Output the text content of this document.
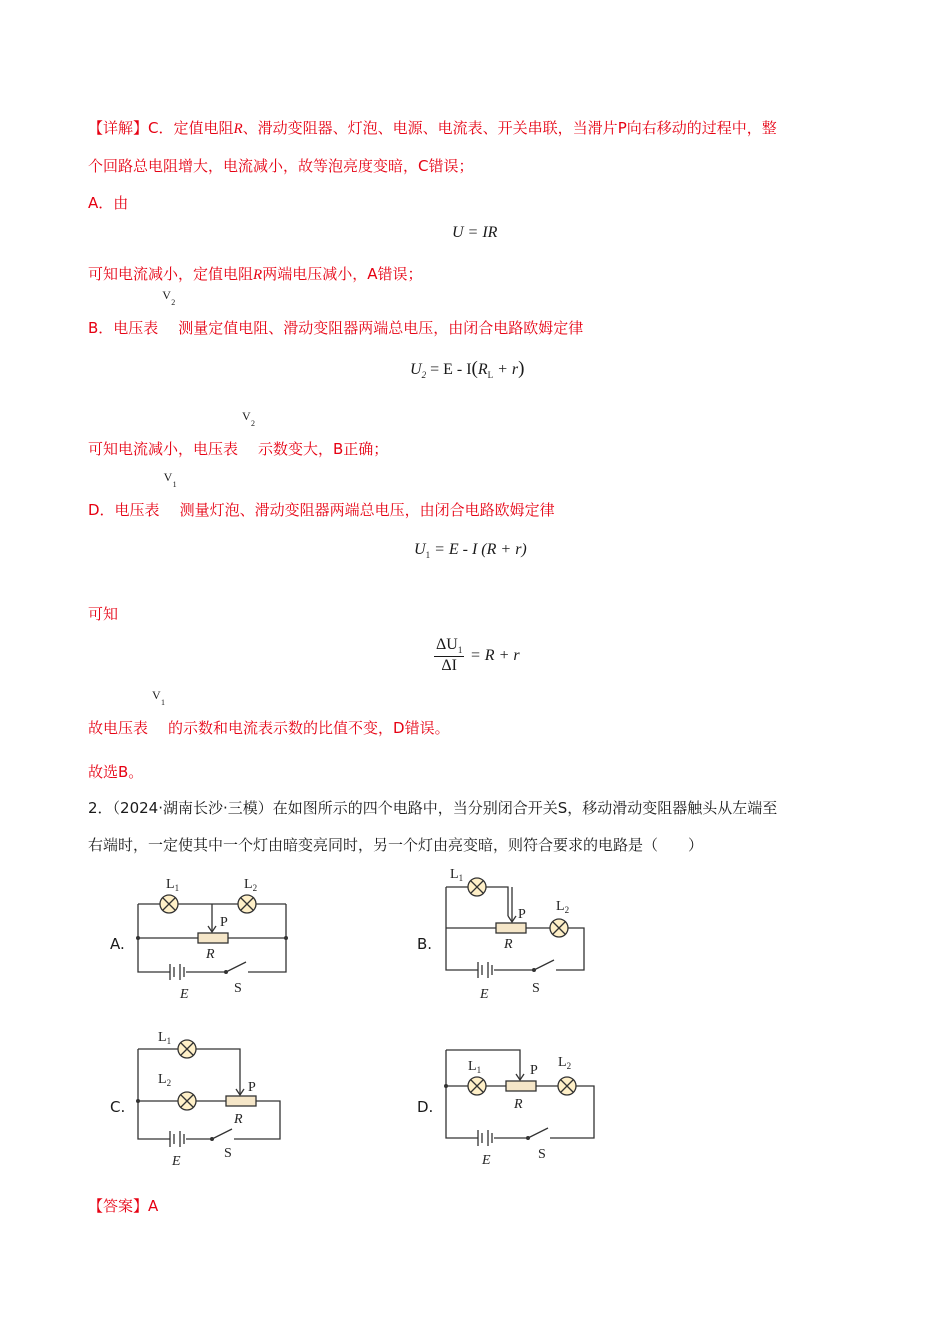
【详解】C．定值电阻R、滑动变阻器、灯泡、电源、电流表、开关串联，当滑片P向右移动的过程中，整
个回路总电阻增大，电流减小，故等泡亮度变暗，C错误；
A．由
U = IR
可知电流减小，定值电阻R两端电压减小，A错误；
B．电压表
V
2
测量定值电阻、滑动变阻器两端总电压，由闭合电路欧姆定律
$U_2 = E - I(R_L + r)$
可知电流减小，电压表
V
2
示数变大，B正确；
D．电压表
V
1
测量灯泡、滑动变阻器两端总电压，由闭合电路欧姆定律
$U_1 = E - I$ (R + r)
可知
$\frac{\Delta U_1}{\Delta I} = R + r$
故电压表
V
1
的示数和电流表示数的比值不变，D错误。
故选B。
2．（2024·湖南长沙·三模）在如图所示的四个电路中，当分别闭合开关S，移动滑动变阻器触头从左端至
右端时，一定使其中一个灯由暗变亮同时，另一个灯由亮变暗，则符合要求的电路是（　　）
A.	B.
C.	D.
$L_1$	$L_2$
P
R
E	S
$L_1$
$L_2$
P
R
E	S
$L_1$
$L_2$	P
R
E
S
$L_1$	$L_2$
P
R
E	S
【答案】A
